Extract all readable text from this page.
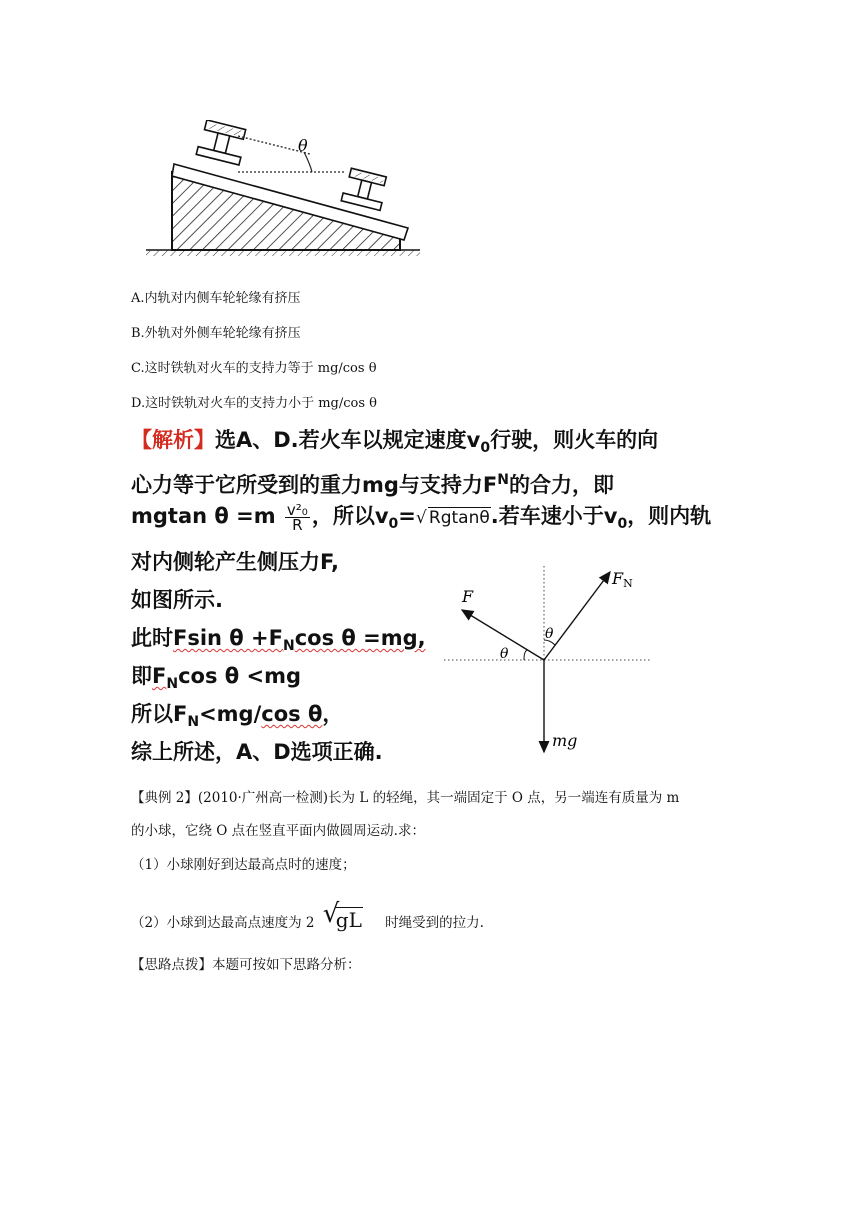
θ
A.内轨对内侧车轮轮缘有挤压
B.外轨对外侧车轮轮缘有挤压
C.这时铁轨对火车的支持力等于 mg/cos θ
D.这时铁轨对火车的支持力小于 mg/cos θ
【解析】选A、D.若火车以规定速度$v_0$行驶，则火车的向
心力等于它所受到的重力mg与支持力$F^N$的合力，即
mgtan $\theta =m \frac{\text{v²₀}}{R}$ ，所以$v_0=$ √ Rgtanθ.若车速小于$v_0$，则内轨
对内侧轮产生侧压力F,
如图所示.
此时Fsin $\theta +F_N\cos$ θ =mg,
即$F_N\cos$ θ <mg
所以$F_N<mg/\cos$ θ，
综上所述，A、D选项正确.
F
FN
θ
θ
mg
【典例 2】(2010·广州高一检测)长为 L 的轻绳，其一端固定于 O 点，另一端连有质量为 m
的小球，它绕 O 点在竖直平面内做圆周运动.求：
（1）小球刚好到达最高点时的速度；
（2）小球到达最高点速度为 2 √
gL 时绳受到的拉力.
【思路点拨】本题可按如下思路分析：
